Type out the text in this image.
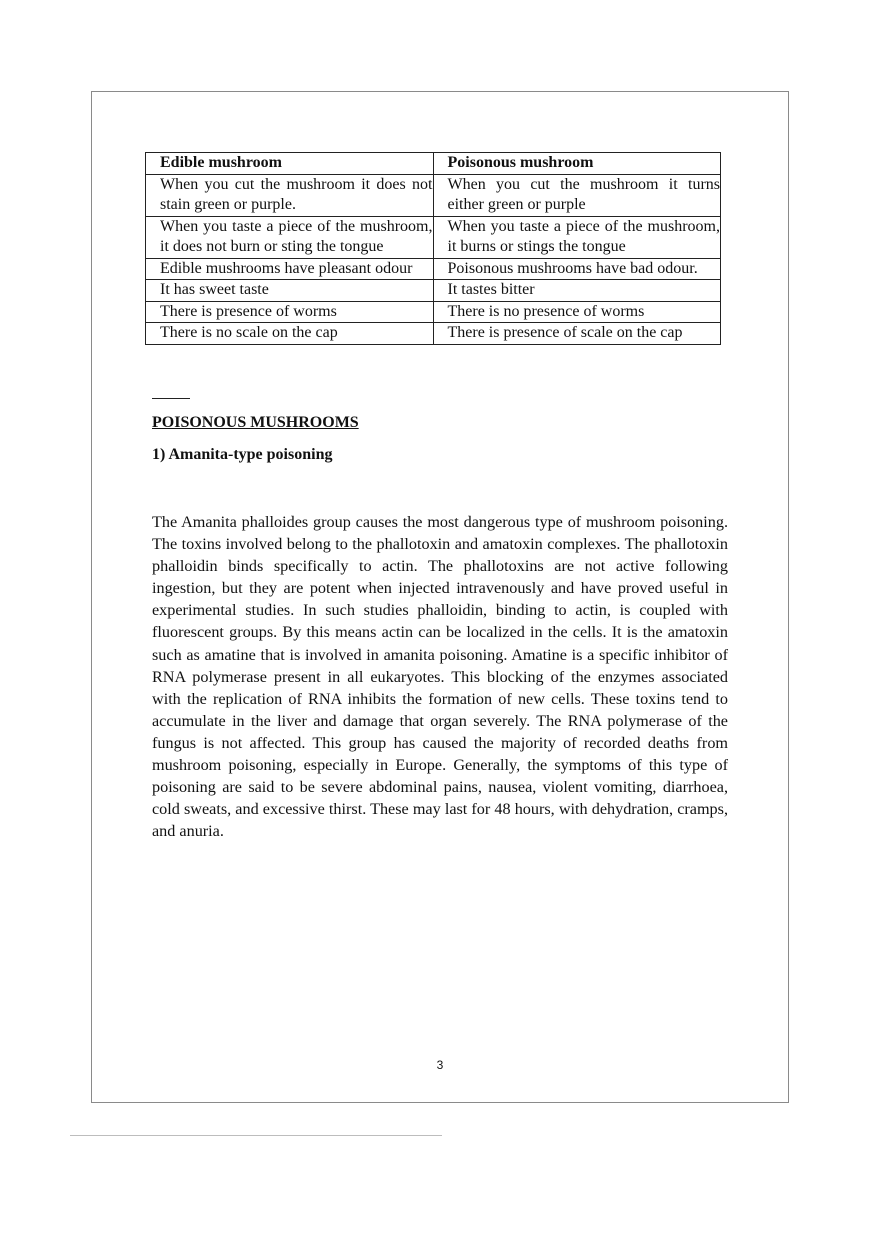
Edible mushroom	Poisonous mushroom
When you cut the mushroom it does not stain green or purple.	When you cut the mushroom it turns either green or purple
When you taste a piece of the mushroom, it does not burn or sting the tongue	When you taste a piece of the mushroom, it burns or stings the tongue
Edible mushrooms have pleasant odour	Poisonous mushrooms have bad odour.
It has sweet taste	It tastes bitter
There is presence of worms	There is no presence of worms
There is no scale on the cap	There is presence of scale on the cap
POISONOUS MUSHROOMS
1) Amanita-type poisoning

The Amanita phalloides group causes the most dangerous type of mushroom poisoning. The toxins involved belong to the phallotoxin and amatoxin complexes. The phallotoxin phalloidin binds specifically to actin. The phallotoxins are not active following ingestion, but they are potent when injected intravenously and have proved useful in experimental studies. In such studies phalloidin, binding to actin, is coupled with fluorescent groups. By this means actin can be localized in the cells. It is the amatoxin such as amatine that is involved in amanita poisoning. Amatine is a specific inhibitor of RNA polymerase present in all eukaryotes. This blocking of the enzymes associated with the replication of RNA inhibits the formation of new cells. These toxins tend to accumulate in the liver and damage that organ severely. The RNA polymerase of the fungus is not affected. This group has caused the majority of recorded deaths from mushroom poisoning, especially in Europe. Generally, the symptoms of this type of poisoning are said to be severe abdominal pains, nausea, violent vomiting, diarrhoea, cold sweats, and excessive thirst. These may last for 48 hours, with dehydration, cramps, and anuria.

3
